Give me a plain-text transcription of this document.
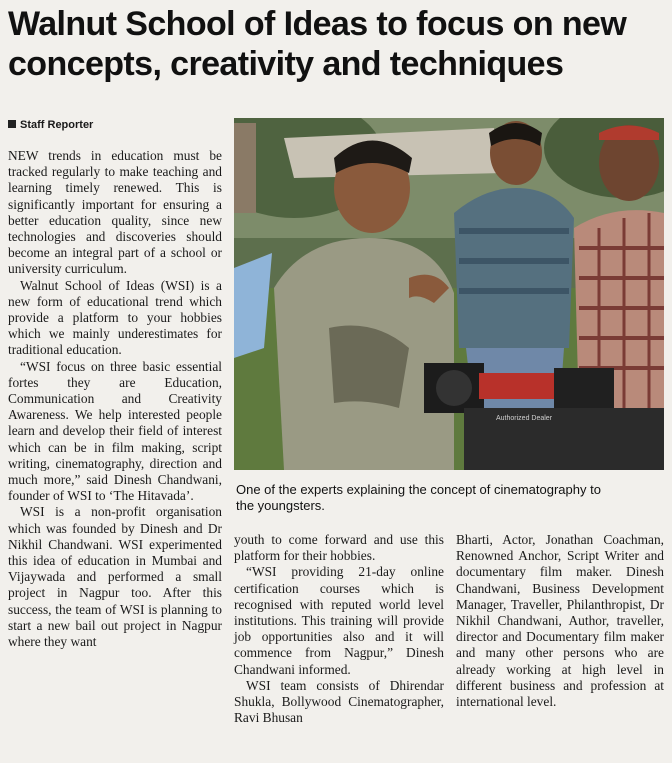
Walnut School of Ideas to focus on new
concepts, creativity and techniques
Staff Reporter

NEW trends in education must be tracked regularly to make teaching and learning timely renewed. This is significantly important for ensuring a better education quality, since new technologies and discoveries should become an integral part of a school or university curriculum.

Walnut School of Ideas (WSI) is a new form of educational trend which provide a platform to your hobbies which we mainly underestimates for traditional education.

“WSI focus on three basic essential fortes they are Education, Communication and Creativity Awareness. We help interested people learn and develop their field of interest which can be in film making, script writing, cinematography, direction and much more,” said Dinesh Chandwani, founder of WSI to ‘The Hitavada’.

WSI is a non-profit organisation which was founded by Dinesh and Dr Nikhil Chandwani. WSI experimented this idea of education in Mumbai and Vijaywada and performed a small project in Nagpur too. After this success, the team of WSI is planning to start a new bail out project in Nagpur where they want

Authorized Dealer
One of the experts explaining the concept of cinematography to
the youngsters.

youth to come forward and use this platform for their hobbies.

“WSI providing 21-day online certification courses which is recognised with reputed world level institutions. This training will provide job opportunities also and it will commence from Nagpur,” Dinesh Chandwani informed.

WSI team consists of Dhirendar Shukla, Bollywood Cinematographer, Ravi Bhusan

Bharti, Actor, Jonathan Coachman, Renowned Anchor, Script Writer and documentary film maker. Dinesh Chandwani, Business Development Manager, Traveller, Philanthropist, Dr Nikhil Chandwani, Author, traveller, director and Documentary film maker and many other persons who are already working at high level in different business and profession at international level.
